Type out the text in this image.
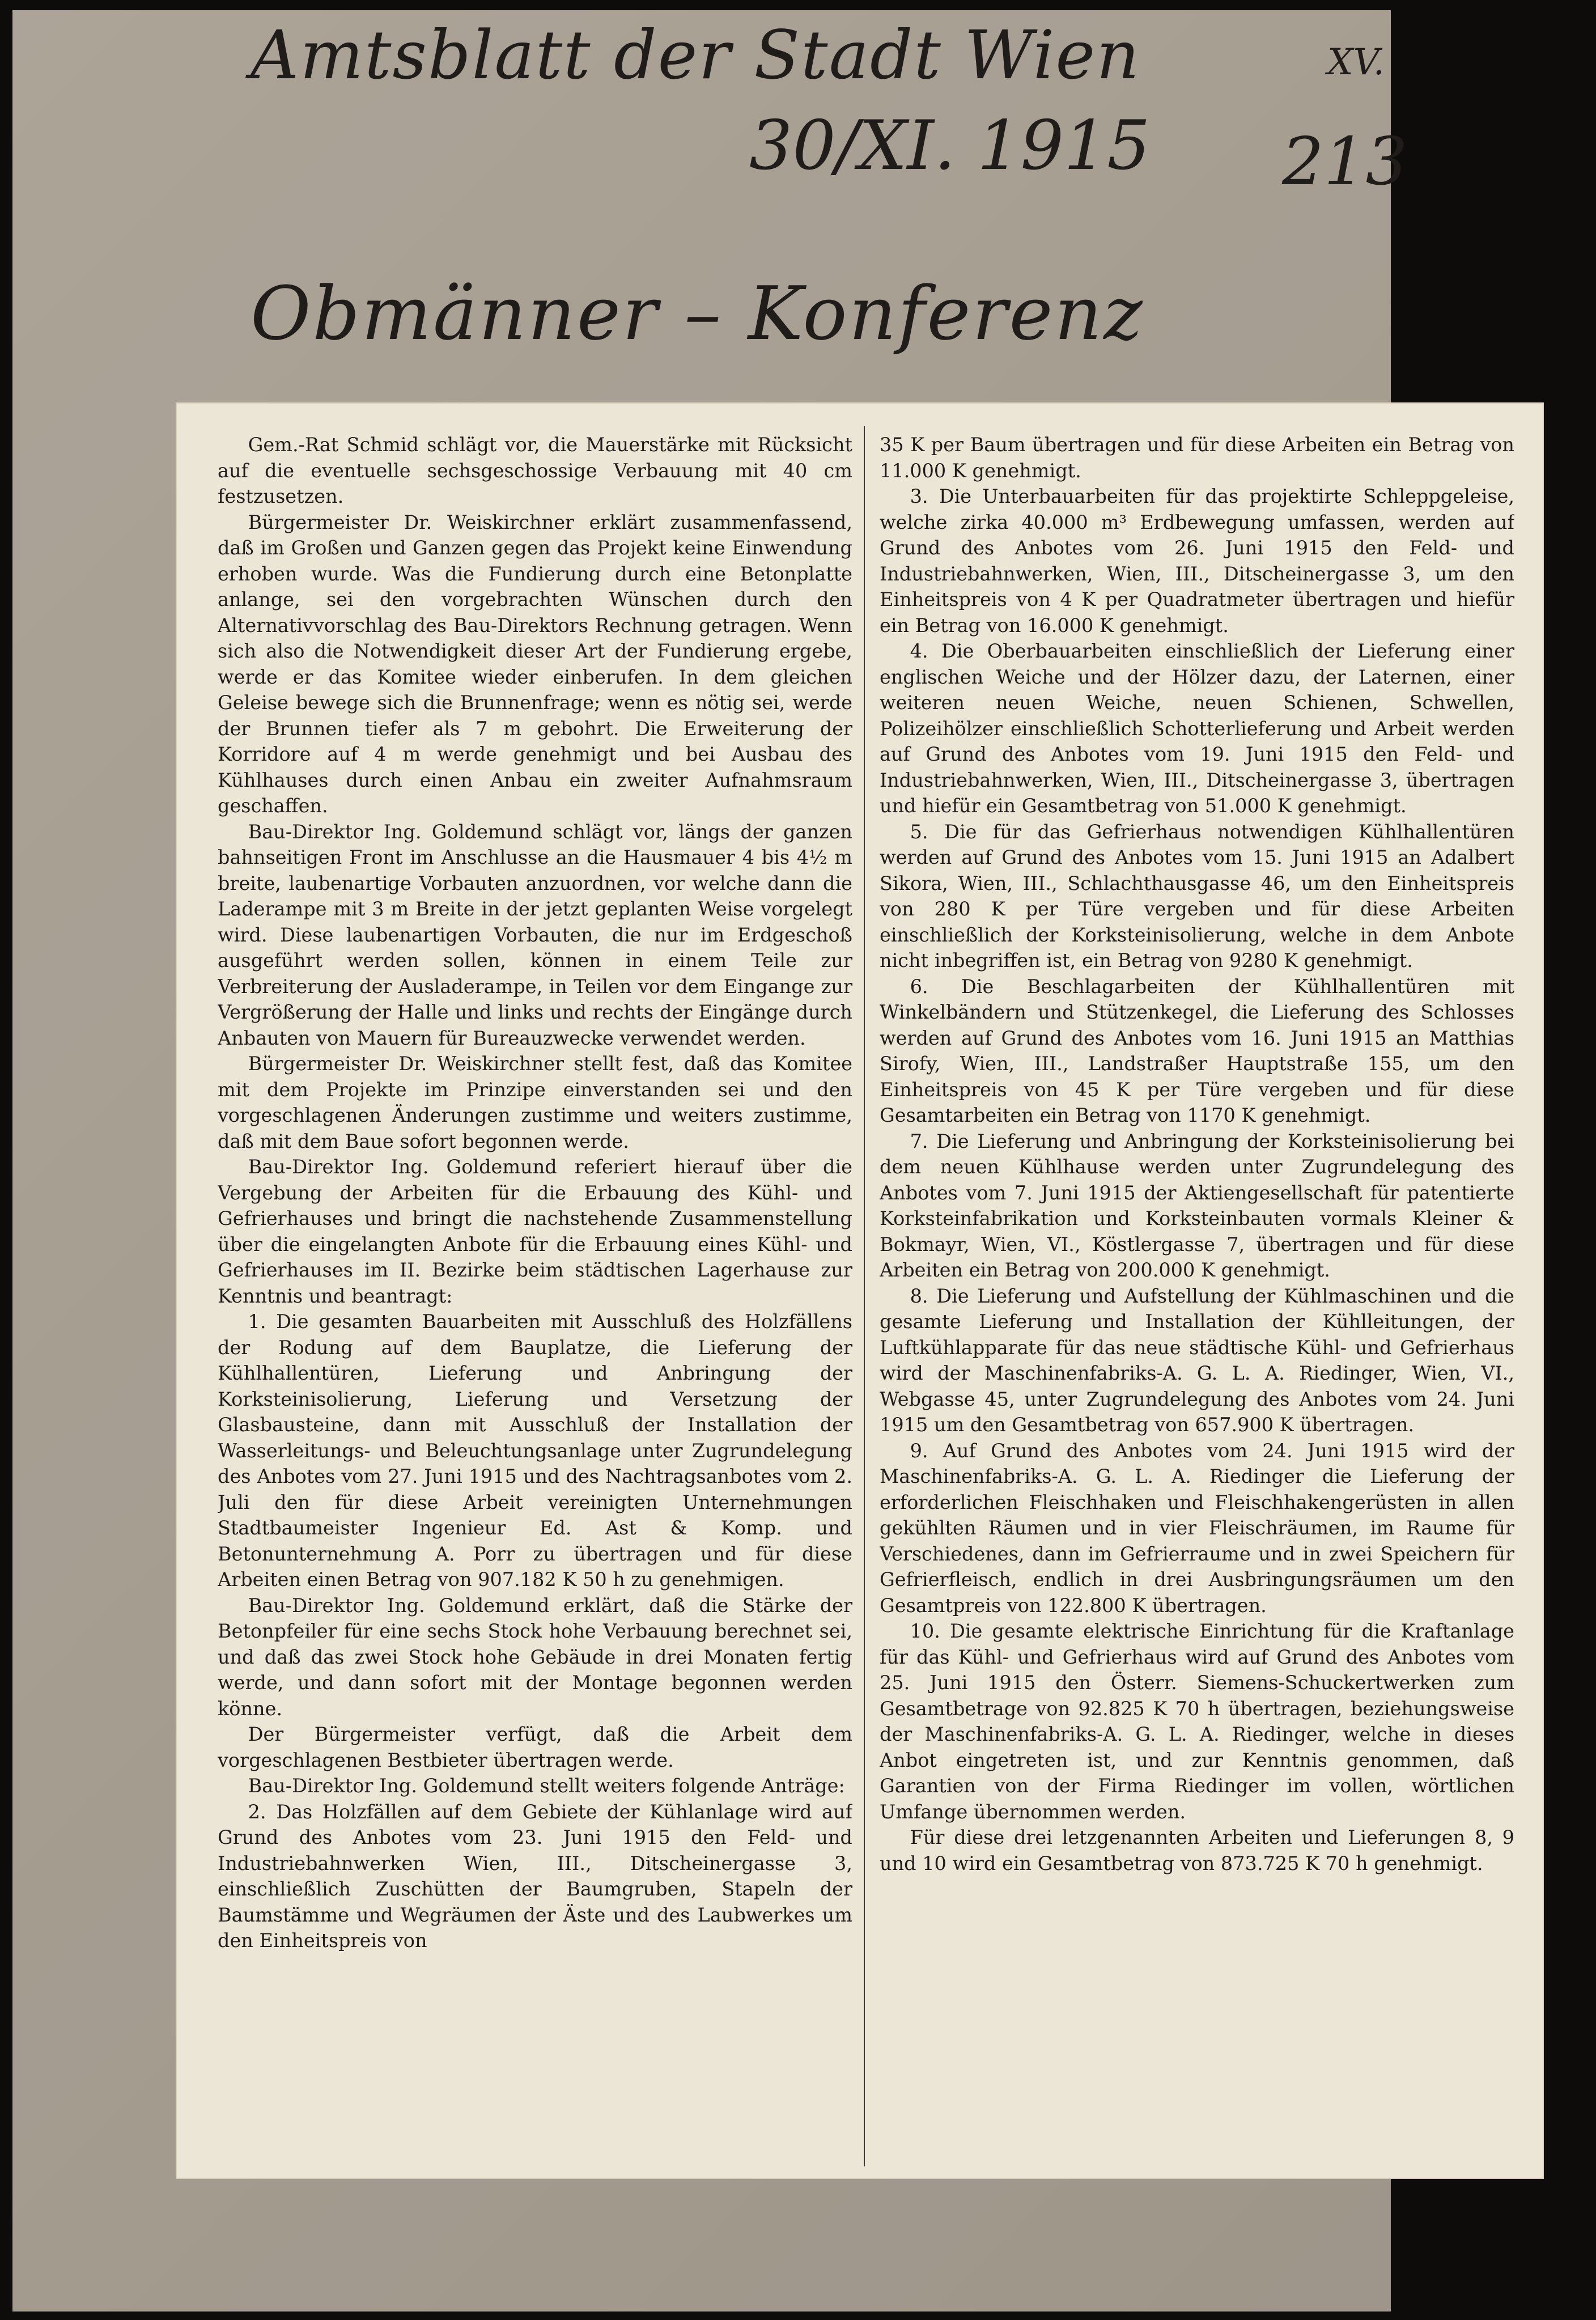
Amtsblatt der Stadt Wien	XV.
30/XI. 1915 213
Obmänner – Konferenz

Gem.-Rat Schmid schlägt vor, die Mauerstärke mit Rücksicht auf die eventuelle sechsgeschossige Verbauung mit 40 cm festzusetzen.

Bürgermeister Dr. Weiskirchner erklärt zusammenfassend, daß im Großen und Ganzen gegen das Projekt keine Einwendung erhoben wurde. Was die Fundierung durch eine Betonplatte anlange, sei den vorgebrachten Wünschen durch den Alternativvorschlag des Bau-Direktors Rechnung getragen. Wenn sich also die Notwendigkeit dieser Art der Fundierung ergebe, werde er das Komitee wieder einberufen. In dem gleichen Geleise bewege sich die Brunnenfrage; wenn es nötig sei, werde der Brunnen tiefer als 7 m gebohrt. Die Erweiterung der Korridore auf 4 m werde genehmigt und bei Ausbau des Kühlhauses durch einen Anbau ein zweiter Aufnahmsraum geschaffen.

Bau-Direktor Ing. Goldemund schlägt vor, längs der ganzen bahnseitigen Front im Anschlusse an die Hausmauer 4 bis 4½ m breite, laubenartige Vorbauten anzuordnen, vor welche dann die Laderampe mit 3 m Breite in der jetzt geplanten Weise vorgelegt wird. Diese laubenartigen Vorbauten, die nur im Erdgeschoß ausgeführt werden sollen, können in einem Teile zur Verbreiterung der Ausladerampe, in Teilen vor dem Eingange zur Vergrößerung der Halle und links und rechts der Eingänge durch Anbauten von Mauern für Bureauzwecke verwendet werden.

Bürgermeister Dr. Weiskirchner stellt fest, daß das Komitee mit dem Projekte im Prinzipe einverstanden sei und den vorgeschlagenen Änderungen zustimme und weiters zustimme, daß mit dem Baue sofort begonnen werde.

Bau-Direktor Ing. Goldemund referiert hierauf über die Vergebung der Arbeiten für die Erbauung des Kühl- und Gefrierhauses und bringt die nachstehende Zusammenstellung über die eingelangten Anbote für die Erbauung eines Kühl- und Gefrierhauses im II. Bezirke beim städtischen Lagerhause zur Kenntnis und beantragt:

1. Die gesamten Bauarbeiten mit Ausschluß des Holzfällens der Rodung auf dem Bauplatze, die Lieferung der Kühlhallentüren, Lieferung und Anbringung der Korksteinisolierung, Lieferung und Versetzung der Glasbausteine, dann mit Ausschluß der Installation der Wasserleitungs- und Beleuchtungsanlage unter Zugrundelegung des Anbotes vom 27. Juni 1915 und des Nachtragsanbotes vom 2. Juli den für diese Arbeit vereinigten Unternehmungen Stadtbaumeister Ingenieur Ed. Ast & Komp. und Betonunternehmung A. Porr zu übertragen und für diese Arbeiten einen Betrag von 907.182 K 50 h zu genehmigen.

Bau-Direktor Ing. Goldemund erklärt, daß die Stärke der Betonpfeiler für eine sechs Stock hohe Verbauung berechnet sei, und daß das zwei Stock hohe Gebäude in drei Monaten fertig werde, und dann sofort mit der Montage begonnen werden könne.

Der Bürgermeister verfügt, daß die Arbeit dem vorgeschlagenen Bestbieter übertragen werde.

Bau-Direktor Ing. Goldemund stellt weiters folgende Anträge:

2. Das Holzfällen auf dem Gebiete der Kühlanlage wird auf Grund des Anbotes vom 23. Juni 1915 den Feld- und Industriebahnwerken Wien, III., Ditscheinergasse 3, einschließlich Zuschütten der Baumgruben, Stapeln der Baumstämme und Wegräumen der Äste und des Laubwerkes um den Einheitspreis von

35 K per Baum übertragen und für diese Arbeiten ein Betrag von 11.000 K genehmigt.

3. Die Unterbauarbeiten für das projektirte Schleppgeleise, welche zirka 40.000 m³ Erdbewegung umfassen, werden auf Grund des Anbotes vom 26. Juni 1915 den Feld- und Industriebahnwerken, Wien, III., Ditscheinergasse 3, um den Einheitspreis von 4 K per Quadratmeter übertragen und hiefür ein Betrag von 16.000 K genehmigt.

4. Die Oberbauarbeiten einschließlich der Lieferung einer englischen Weiche und der Hölzer dazu, der Laternen, einer weiteren neuen Weiche, neuen Schienen, Schwellen, Polizeihölzer einschließlich Schotterlieferung und Arbeit werden auf Grund des Anbotes vom 19. Juni 1915 den Feld- und Industriebahnwerken, Wien, III., Ditscheinergasse 3, übertragen und hiefür ein Gesamtbetrag von 51.000 K genehmigt.

5. Die für das Gefrierhaus notwendigen Kühlhallentüren werden auf Grund des Anbotes vom 15. Juni 1915 an Adalbert Sikora, Wien, III., Schlachthausgasse 46, um den Einheitspreis von 280 K per Türe vergeben und für diese Arbeiten einschließlich der Korksteinisolierung, welche in dem Anbote nicht inbegriffen ist, ein Betrag von 9280 K genehmigt.

6. Die Beschlagarbeiten der Kühlhallentüren mit Winkelbändern und Stützenkegel, die Lieferung des Schlosses werden auf Grund des Anbotes vom 16. Juni 1915 an Matthias Sirofy, Wien, III., Landstraßer Hauptstraße 155, um den Einheitspreis von 45 K per Türe vergeben und für diese Gesamtarbeiten ein Betrag von 1170 K genehmigt.

7. Die Lieferung und Anbringung der Korksteinisolierung bei dem neuen Kühlhause werden unter Zugrundelegung des Anbotes vom 7. Juni 1915 der Aktiengesellschaft für patentierte Korksteinfabrikation und Korksteinbauten vormals Kleiner & Bokmayr, Wien, VI., Köstlergasse 7, übertragen und für diese Arbeiten ein Betrag von 200.000 K genehmigt.

8. Die Lieferung und Aufstellung der Kühlmaschinen und die gesamte Lieferung und Installation der Kühlleitungen, der Luftkühlapparate für das neue städtische Kühl- und Gefrierhaus wird der Maschinenfabriks-A. G. L. A. Riedinger, Wien, VI., Webgasse 45, unter Zugrundelegung des Anbotes vom 24. Juni 1915 um den Gesamtbetrag von 657.900 K übertragen.

9. Auf Grund des Anbotes vom 24. Juni 1915 wird der Maschinenfabriks-A. G. L. A. Riedinger die Lieferung der erforderlichen Fleischhaken und Fleischhakengerüsten in allen gekühlten Räumen und in vier Fleischräumen, im Raume für Verschiedenes, dann im Gefrierraume und in zwei Speichern für Gefrierfleisch, endlich in drei Ausbringungsräumen um den Gesamtpreis von 122.800 K übertragen.

10. Die gesamte elektrische Einrichtung für die Kraftanlage für das Kühl- und Gefrierhaus wird auf Grund des Anbotes vom 25. Juni 1915 den Österr. Siemens-Schuckertwerken zum Gesamtbetrage von 92.825 K 70 h übertragen, beziehungsweise der Maschinenfabriks-A. G. L. A. Riedinger, welche in dieses Anbot eingetreten ist, und zur Kenntnis genommen, daß Garantien von der Firma Riedinger im vollen, wörtlichen Umfange übernommen werden.

Für diese drei letzgenannten Arbeiten und Lieferungen 8, 9 und 10 wird ein Gesamtbetrag von 873.725 K 70 h genehmigt.
